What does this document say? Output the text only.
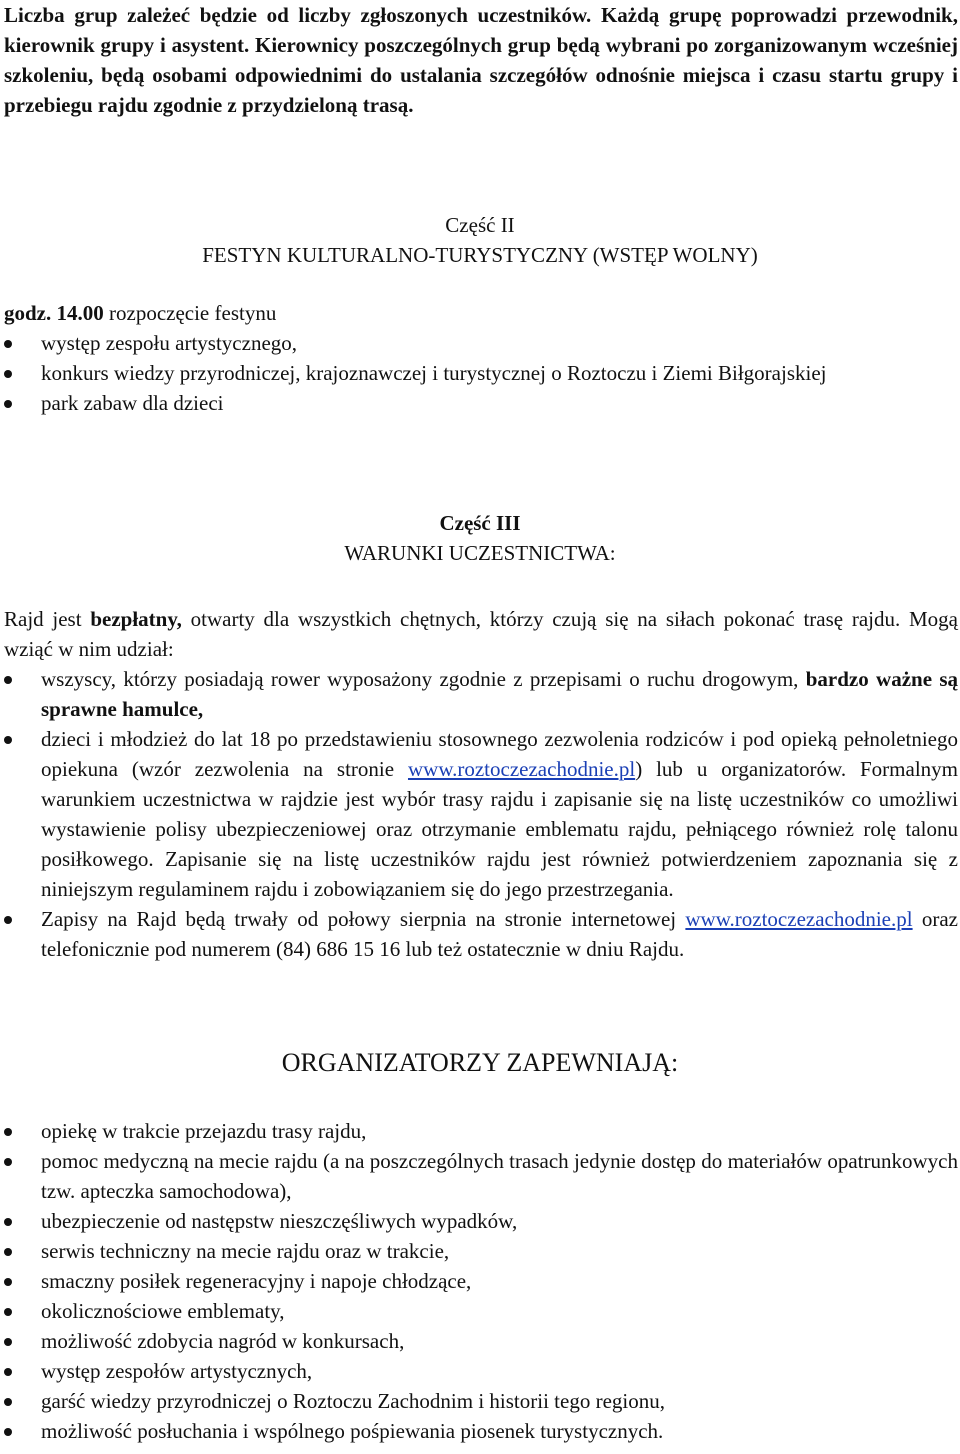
Liczba grup zależeć będzie od liczby zgłoszonych uczestników. Każdą grupę poprowadzi przewodnik, kierownik grupy i asystent. Kierownicy poszczególnych grup będą wybrani po zorganizowanym wcześniej szkoleniu, będą osobami odpowiednimi do ustalania szczegółów odnośnie miejsca i czasu startu grupy i przebiegu rajdu zgodnie z przydzieloną trasą.

Część II
FESTYN KULTURALNO-TURYSTYCZNY (WSTĘP WOLNY)
godz. 14.00 rozpoczęcie festynu
występ zespołu artystycznego,
konkurs wiedzy przyrodniczej, krajoznawczej i turystycznej o Roztoczu i Ziemi Biłgorajskiej
park zabaw dla dzieci
Część III
WARUNKI UCZESTNICTWA:

Rajd jest bezpłatny, otwarty dla wszystkich chętnych, którzy czują się na siłach pokonać trasę rajdu. Mogą wziąć w nim udział:

wszyscy, którzy posiadają rower wyposażony zgodnie z przepisami o ruchu drogowym, bardzo ważne są sprawne hamulce,
dzieci i młodzież do lat 18 po przedstawieniu stosownego zezwolenia rodziców i pod opieką pełnoletniego opiekuna (wzór zezwolenia na stronie www.roztoczezachodnie.pl) lub u organizatorów. Formalnym warunkiem uczestnictwa w rajdzie jest wybór trasy rajdu i zapisanie się na listę uczestników co umożliwi wystawienie polisy ubezpieczeniowej oraz otrzymanie emblematu rajdu, pełniącego również rolę talonu posiłkowego. Zapisanie się na listę uczestników rajdu jest również potwierdzeniem zapoznania się z niniejszym regulaminem rajdu i zobowiązaniem się do jego przestrzegania.
Zapisy na Rajd będą trwały od połowy sierpnia na stronie internetowej www.roztoczezachodnie.pl oraz telefonicznie pod numerem (84) 686 15 16 lub też ostatecznie w dniu Rajdu.
ORGANIZATORZY ZAPEWNIAJĄ:
opiekę w trakcie przejazdu trasy rajdu,
pomoc medyczną na mecie rajdu (a na poszczególnych trasach jedynie dostęp do materiałów opatrunkowych tzw. apteczka samochodowa),
ubezpieczenie od następstw nieszczęśliwych wypadków,
serwis techniczny na mecie rajdu oraz w trakcie,
smaczny posiłek regeneracyjny i napoje chłodzące,
okolicznościowe emblematy,
możliwość zdobycia nagród w konkursach,
występ zespołów artystycznych,
garść wiedzy przyrodniczej o Roztoczu Zachodnim i historii tego regionu,
możliwość posłuchania i wspólnego pośpiewania piosenek turystycznych.
